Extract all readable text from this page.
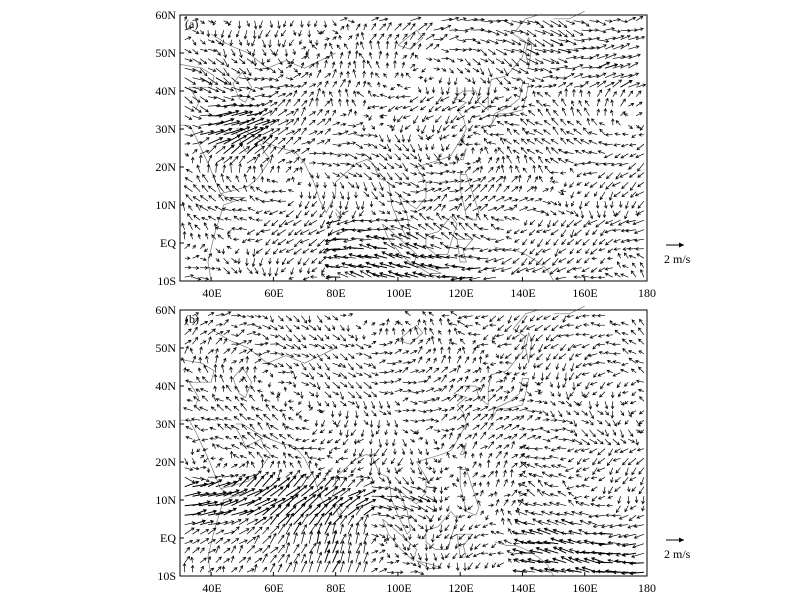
60N
50N
40N
30N
20N
10N
EQ
10S
40E	60E	80E	100E	120E	140E	160E	180
(a)
2 m/s
60N
50N
40N
30N
20N
10N
EQ
10S
40E	60E	80E	100E	120E	140E	160E	180
(b)
2 m/s
